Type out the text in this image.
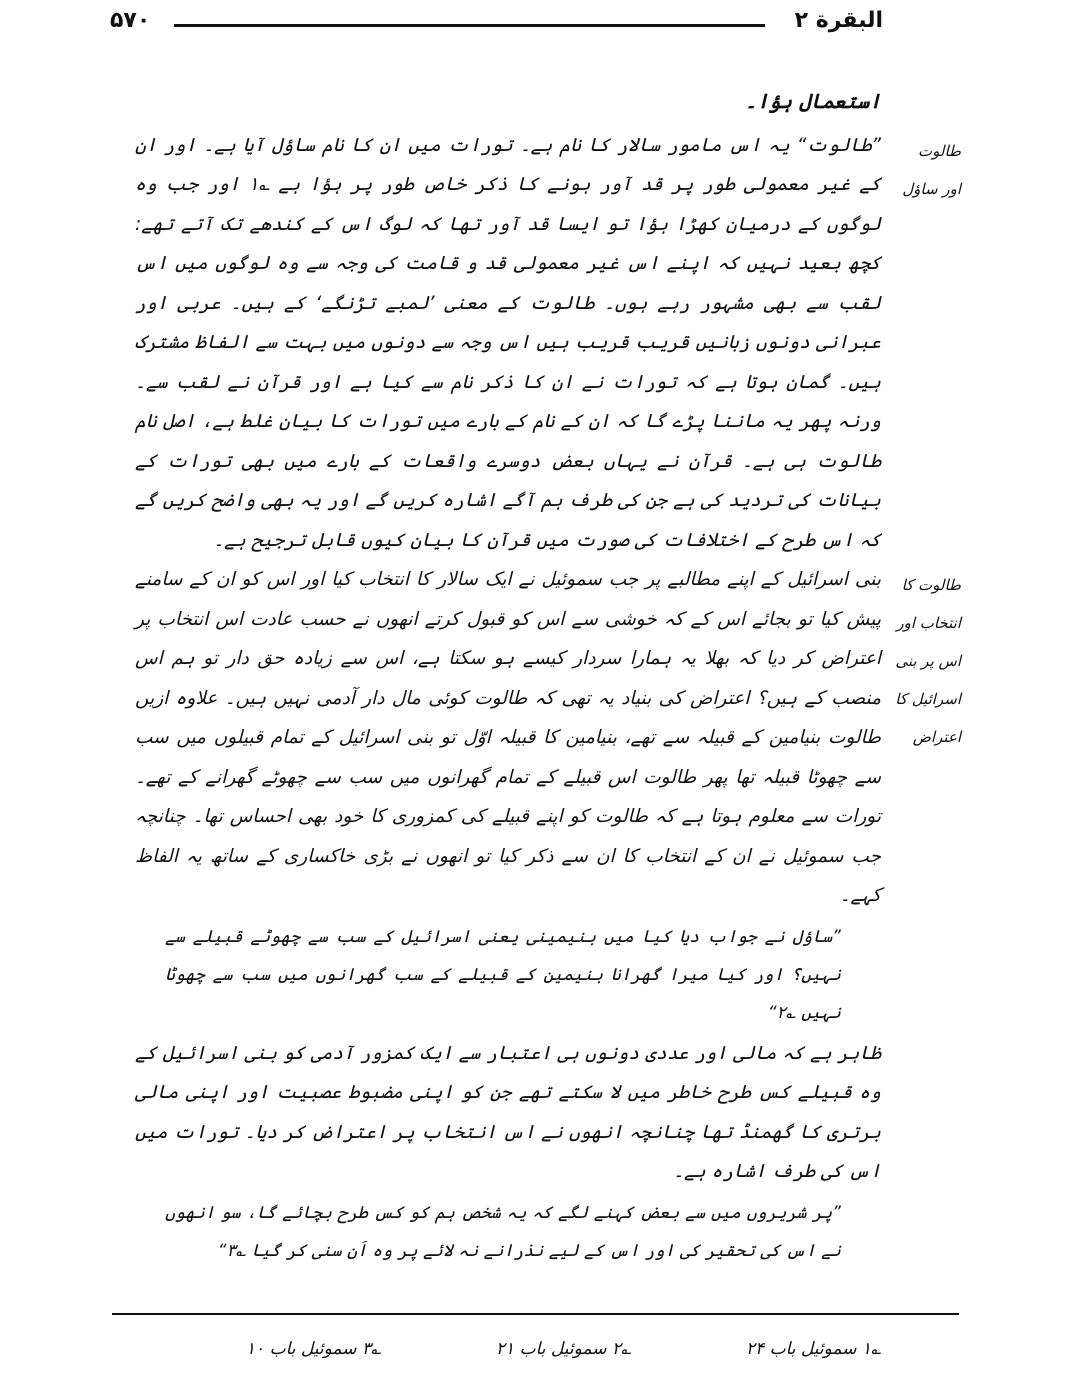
البقرة ٢
۵۷۰
طالوت
اور ساؤل
طالوت کا
انتخاب اور
اس پر بنی
اسرائیل کا
اعتراض

استعمال ہؤا۔

”طالوت“ یہ اس مامور سالار کا نام ہے۔ تورات میں ان کا نام ساؤل آیا ہے۔ اور ان کے غیر معمولی طور پر قد آور ہونے کا ذکر خاص طور پر ہؤا ہے ؎۱ اور جب وہ لوگوں کے درمیان کھڑا ہؤا تو ایسا قد آور تھا کہ لوگ اس کے کندھے تک آتے تھے: کچھ بعید نہیں کہ اپنے اس غیر معمولی قد و قامت کی وجہ سے وہ لوگوں میں اس لقب سے بھی مشہور رہے ہوں۔ طالوت کے معنی ’لمبے تڑنگے‘ کے ہیں۔ عربی اور عبرانی دونوں زبانیں قریب قریب ہیں اس وجہ سے دونوں میں بہت سے الفاظ مشترک ہیں۔ گمان ہوتا ہے کہ تورات نے ان کا ذکر نام سے کیا ہے اور قرآن نے لقب سے۔ ورنہ پھر یہ ماننا پڑے گا کہ ان کے نام کے بارے میں تورات کا بیان غلط ہے، اصل نام طالوت ہی ہے۔ قرآن نے یہاں بعض دوسرے واقعات کے بارے میں بھی تورات کے بیانات کی تردید کی ہے جن کی طرف ہم آگے اشارہ کریں گے اور یہ بھی واضح کریں گے کہ اس طرح کے اختلافات کی صورت میں قرآن کا بیان کیوں قابل ترجیح ہے۔

بنی اسرائیل کے اپنے مطالبے پر جب سموئیل نے ایک سالار کا انتخاب کیا اور اس کو ان کے سامنے پیش کیا تو بجائے اس کے کہ خوشی سے اس کو قبول کرتے انھوں نے حسب عادت اس انتخاب پر اعتراض کر دیا کہ بھلا یہ ہمارا سردار کیسے ہو سکتا ہے، اس سے زیادہ حق دار تو ہم اس منصب کے ہیں؟ اعتراض کی بنیاد یہ تھی کہ طالوت کوئی مال دار آدمی نہیں ہیں۔ علاوہ ازیں طالوت بنیامین کے قبیلہ سے تھے، بنیامین کا قبیلہ اوّل تو بنی اسرائیل کے تمام قبیلوں میں سب سے چھوٹا قبیلہ تھا پھر طالوت اس قبیلے کے تمام گھرانوں میں سب سے چھوٹے گھرانے کے تھے۔ تورات سے معلوم ہوتا ہے کہ طالوت کو اپنے قبیلے کی کمزوری کا خود بھی احساس تھا۔ چنانچہ جب سموئیل نے ان کے انتخاب کا ان سے ذکر کیا تو انھوں نے بڑی خاکساری کے ساتھ یہ الفاظ کہے۔

”ساؤل نے جواب دیا کیا میں بنیمینی یعنی اسرائیل کے سب سے چھوٹے قبیلے سے نہیں؟ اور کیا میرا گھرانا بنیمین کے قبیلے کے سب گھرانوں میں سب سے چھوٹا نہیں ؎۲“

ظاہر ہے کہ مالی اور عددی دونوں ہی اعتبار سے ایک کمزور آدمی کو بنی اسرائیل کے وہ قبیلے کس طرح خاطر میں لا سکتے تھے جن کو اپنی مضبوط عصبیت اور اپنی مالی برتری کا گھمنڈ تھا چنانچہ انھوں نے اس انتخاب پر اعتراض کر دیا۔ تورات میں اس کی طرف اشارہ ہے۔

”پر شریروں میں سے بعض کہنے لگے کہ یہ شخص ہم کو کس طرح بچائے گا، سو انھوں نے اس کی تحقیر کی اور اس کے لیے نذرانے نہ لائے پر وہ اَن سنی کر گیا ؎۳“

؎۱ سموئیل باب ۲۴
؎۲ سموئیل باب ۲۱
؎۳ سموئیل باب ۱۰
